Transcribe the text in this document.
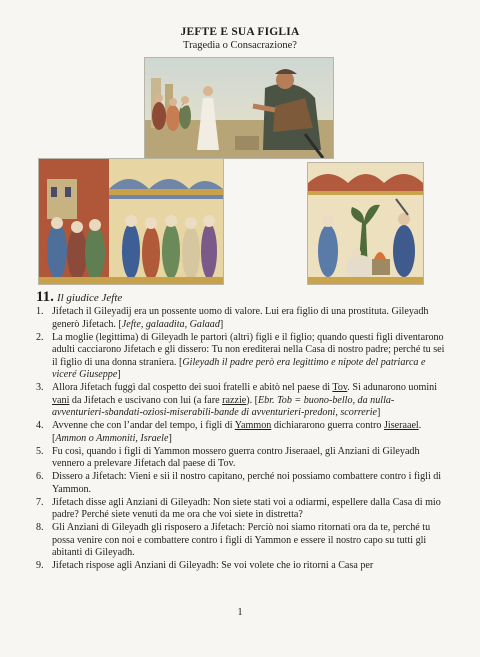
JEFTE E SUA FIGLIA
Tragedia o Consacrazione?
11. Il giudice Jefte
1. Jifetach il Gileyadij era un possente uomo di valore. Lui era figlio di una prostituta. Gileyadh generò Jifetach. [Jefte, galaadita, Galaad]
2. La moglie (legittima) di Gileyadh le partorì (altri) figli e il figlio; quando questi figli diventarono adulti cacciarono Jifetach e gli dissero: Tu non erediterai nella Casa di nostro padre; perché tu sei il figlio di una donna straniera. [Gileyadh il padre però era legittimo e nipote del patriarca e viceré Giuseppe]
3. Allora Jifetach fuggì dal cospetto dei suoi fratelli e abitò nel paese di Tov. Si adunarono uomini vani da Jifetach e uscivano con lui (a fare razzie). [Ebr. Tob = buono-bello, da nulla-avventurieri-sbandati-oziosi-miserabili-bande di avventurieri-predoni, scorrerie]
4. Avvenne che con l’andar del tempo, i figli di Yammon dichiararono guerra contro Jiseraael. [Ammon o Ammoniti, Israele]
5. Fu così, quando i figli di Yammon mossero guerra contro Jiseraael, gli Anziani di Gileyadh vennero a prelevare Jifetach dal paese di Tov.
6. Dissero a Jifetach: Vieni e sii il nostro capitano, perché noi possiamo combattere contro i figli di Yammon.
7. Jifetach disse agli Anziani di Gileyadh: Non siete stati voi a odiarmi, espellere dalla Casa di mio padre? Perché siete venuti da me ora che voi siete in distretta?
8. Gli Anziani di Gileyadh gli risposero a Jifetach: Perciò noi siamo ritornati ora da te, perché tu possa venire con noi e combattere contro i figli di Yammon e essere il nostro capo su tutti gli abitanti di Gileyadh.
9. Jifetach rispose agli Anziani di Gileyadh: Se voi volete che io ritorni a Casa per
1
